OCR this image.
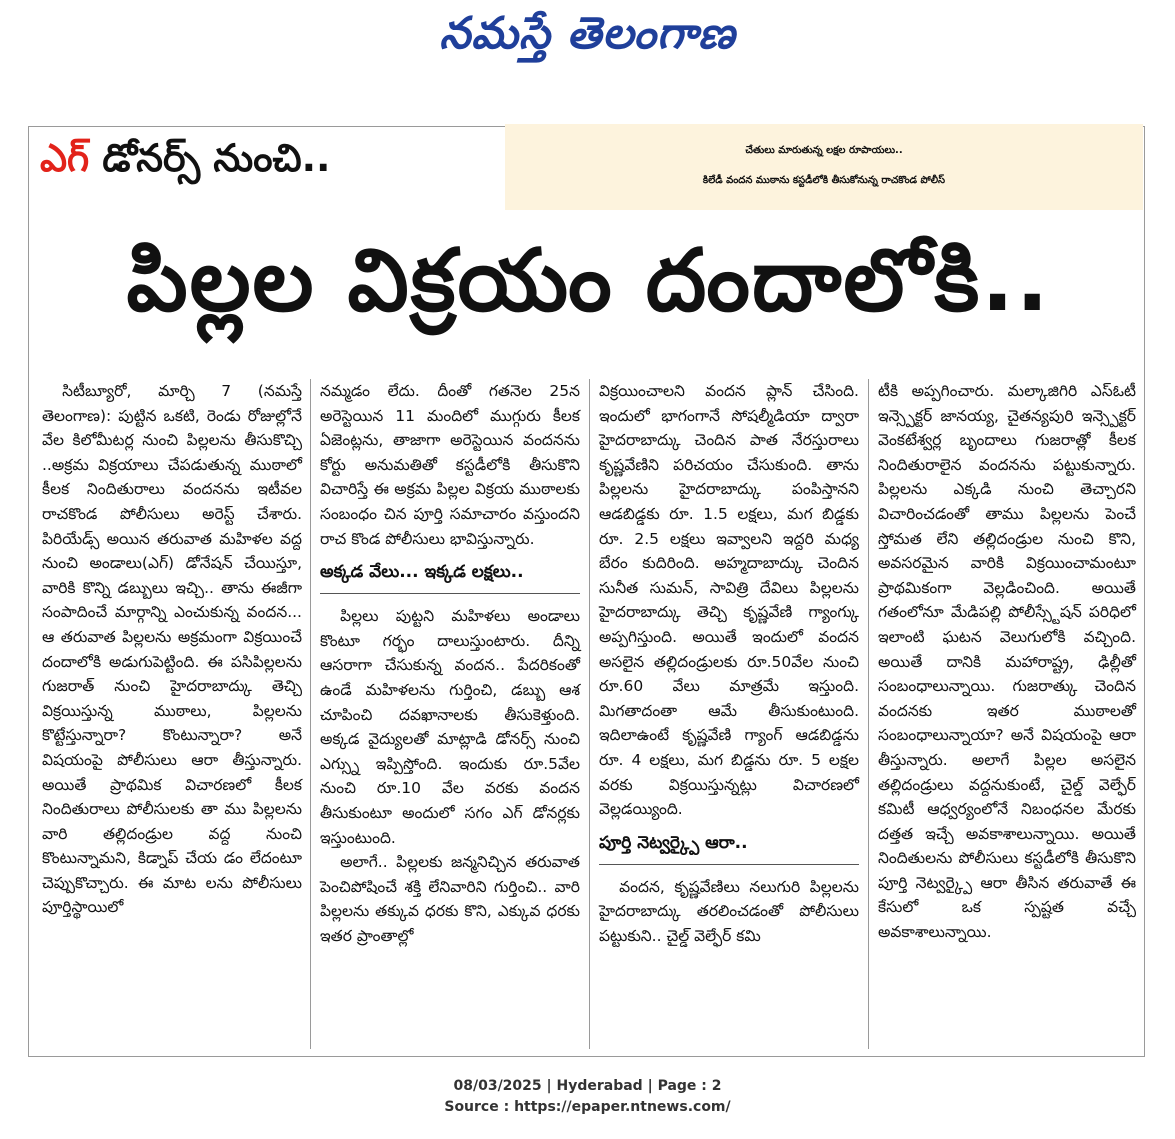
నమస్తే తెలంగాణ
ఎగ్ డోనర్స్ నుంచి..	చేతులు మారుతున్న లక్షల రూపాయలు..
కిలేడీ వందన ముఠాను కస్టడీలోకి తీసుకోనున్న రాచకొండ పోలీస్
పిల్లల విక్రయం దందాలోకి..

సిటీబ్యూరో, మార్చి 7 (నమస్తే తెలంగాణ): పుట్టిన ఒకటి, రెండు రోజుల్లోనే వేల కిలోమీటర్ల నుంచి పిల్లలను తీసుకొచ్చి ..అక్రమ విక్రయాలు చేపడుతున్న ముఠాలో కీలక నిందితురాలు వందనను ఇటీవల రాచకొండ పోలీసులు అరెస్ట్ చేశారు. పిరియేడ్స్ అయిన తరువాత మహిళల వద్ద నుంచి అండాలు(ఎగ్) డోనేషన్ చేయిస్తూ, వారికి కొన్ని డబ్బులు ఇచ్చి.. తాను ఈజీగా సంపాదించే మార్గాన్ని ఎంచుకున్న వందన... ఆ తరువాత పిల్లలను అక్రమంగా విక్రయించే దందాలోకి అడుగుపెట్టింది. ఈ పసిపిల్లలను గుజరాత్ నుంచి హైదరాబాద్కు తెచ్చి విక్రయిస్తున్న ముఠాలు, పిల్లలను కొట్టేస్తున్నారా? కొంటున్నారా? అనే విషయంపై పోలీసులు ఆరా తీస్తున్నారు. అయితే ప్రాథమిక విచారణలో కీలక నిందితురాలు పోలీసులకు తా ము పిల్లలను వారి తల్లిదండ్రుల వద్ద నుంచి కొంటున్నామని, కిడ్నాప్ చేయ డం లేదంటూ చెప్పుకొచ్చారు. ఈ మాట లను పోలీసులు పూర్తిస్థాయిలో

నమ్మడం లేదు. దీంతో గతనెల 25న అరెస్టెయిన 11 మందిలో ముగ్గురు కీలక ఏజెంట్లను, తాజాగా అరెస్టెయిన వందనను కోర్టు అనుమతితో కస్టడీలోకి తీసుకొని విచారిస్తే ఈ అక్రమ పిల్లల విక్రయ ముఠాలకు సంబంధం చిన పూర్తి సమాచారం వస్తుందని రాచ కొండ పోలీసులు భావిస్తున్నారు.

అక్కడ వేలు... ఇక్కడ లక్షలు..

పిల్లలు పుట్టని మహిళలు అండాలు కొంటూ గర్భం దాలుస్తుంటారు. దీన్ని ఆసరాగా చేసుకున్న వందన.. పేదరికంతో ఉండే మహిళలను గుర్తించి, డబ్బు ఆశ చూపించి దవఖానాలకు తీసుకెళ్తుంది. అక్కడ వైద్యులతో మాట్లాడి డోనర్స్ నుంచి ఎగ్స్ను ఇప్పిస్తోంది. ఇందుకు రూ.5వేల నుంచి రూ.10 వేల వరకు వందన తీసుకుంటూ అందులో సగం ఎగ్ డోనర్లకు ఇస్తుంటుంది.

అలాగే.. పిల్లలకు జన్మనిచ్చిన తరువాత పెంచిపోషించే శక్తి లేనివారిని గుర్తించి.. వారి పిల్లలను తక్కువ ధరకు కొని, ఎక్కువ ధరకు ఇతర ప్రాంతాల్లో

విక్రయించాలని వందన ప్లాన్ చేసింది. ఇందులో భాగంగానే సోషల్మీడియా ద్వారా హైదరాబాద్కు చెందిన పాత నేరస్తురాలు కృష్ణవేణిని పరిచయం చేసుకుంది. తాను పిల్లలను హైదరాబాద్కు పంపిస్తానని ఆడబిడ్డకు రూ. 1.5 లక్షలు, మగ బిడ్డకు రూ. 2.5 లక్షలు ఇవ్వాలని ఇద్దరి మధ్య బేరం కుదిరింది. అహ్మదాబాద్కు చెందిన సునీత సుమన్, సావిత్రి దేవిలు పిల్లలను హైదరాబాద్కు తెచ్చి కృష్ణవేణి గ్యాంగ్కు అప్పగిస్తుంది. అయితే ఇందులో వందన అసలైన తల్లిదండ్రులకు రూ.50వేల నుంచి రూ.60 వేలు మాత్రమే ఇస్తుంది. మిగతాదంతా ఆమే తీసుకుంటుంది. ఇదిలాఉంటే కృష్ణవేణి గ్యాంగ్ ఆడబిడ్డను రూ. 4 లక్షలు, మగ బిడ్డను రూ. 5 లక్షల వరకు విక్రయిస్తున్నట్లు విచారణలో వెల్లడయ్యింది.

పూర్తి నెట్వర్క్పై ఆరా..

వందన, కృష్ణవేణిలు నలుగురి పిల్లలను హైదరాబాద్కు తరలించడంతో పోలీసులు పట్టుకుని.. చైల్డ్ వెల్ఫేర్ కమి

టీకి అప్పగించారు. మల్కాజిగిరి ఎస్ఓటీ ఇన్స్పెక్టర్ జానయ్య, చైతన్యపురి ఇన్స్పెక్టర్ వెంకటేశ్వర్ల బృందాలు గుజరాత్లో కీలక నిందితురాలైన వందనను పట్టుకున్నారు. పిల్లలను ఎక్కడి నుంచి తెచ్చారని విచారించడంతో తాము పిల్లలను పెంచే స్తోమత లేని తల్లిదండ్రుల నుంచి కొని, అవసరమైన వారికి విక్రయించామంటూ ప్రాథమికంగా వెల్లడించింది. అయితే గతంలోనూ మేడిపల్లి పోలీస్స్టేషన్ పరిధిలో ఇలాంటి ఘటన వెలుగులోకి వచ్చింది. అయితే దానికి మహారాష్ట్ర, ఢిల్లీతో సంబంధాలున్నాయి. గుజరాత్కు చెందిన వందనకు ఇతర ముఠాలతో సంబంధాలున్నాయా? అనే విషయంపై ఆరా తీస్తున్నారు. అలాగే పిల్లల అసలైన తల్లిదండ్రులు వద్దనుకుంటే, చైల్డ్ వెల్ఫేర్ కమిటీ ఆధ్వర్యంలోనే నిబంధనల మేరకు దత్తత ఇచ్చే అవకాశాలున్నాయి. అయితే నిందితులను పోలీసులు కస్టడీలోకి తీసుకొని పూర్తి నెట్వర్క్పై ఆరా తీసిన తరువాతే ఈ కేసులో ఒక స్పష్టత వచ్చే అవకాశాలున్నాయి.

08/03/2025 | Hyderabad | Page : 2
Source : https://epaper.ntnews.com/
